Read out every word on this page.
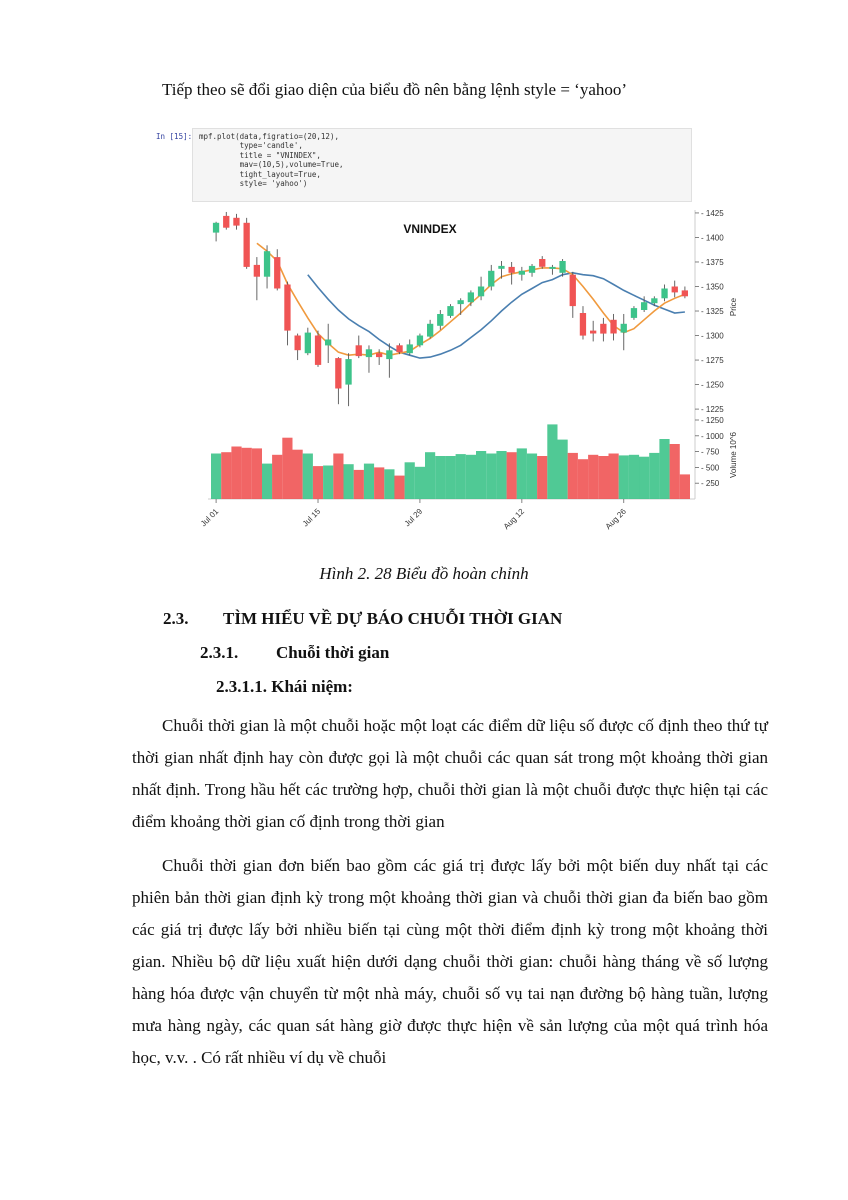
Tiếp theo sẽ đổi giao diện của biểu đồ nên bằng lệnh style = ‘yahoo’
In [15]: mpf.plot(data,figratio=(20,12),
type='candle',
title = "VNINDEX",
mav=(10,5),volume=True,
tight_layout=True,
style= 'yahoo')
VNINDEX
- 1225
- 1250
- 1275
- 1300
- 1325
- 1350
- 1375
- 1400
- 1425
- 250
- 500
- 750
- 1000
- 1250
Jul 01	Jul 15	Jul 29	Aug 12	Aug 26
Price
Volume 10^6
Hình 2. 28 Biểu đồ hoàn chỉnh
2.3. TÌM HIỂU VỀ DỰ BÁO CHUỖI THỜI GIAN
2.3.1. Chuỗi thời gian
2.3.1.1. Khái niệm:

Chuỗi thời gian là một chuỗi hoặc một loạt các điểm dữ liệu số được cố định theo thứ tự thời gian nhất định hay còn được gọi là một chuỗi các quan sát trong một khoảng thời gian nhất định. Trong hầu hết các trường hợp, chuỗi thời gian là một chuỗi được thực hiện tại các điểm khoảng thời gian cố định trong thời gian

Chuỗi thời gian đơn biến bao gồm các giá trị được lấy bởi một biến duy nhất tại các phiên bản thời gian định kỳ trong một khoảng thời gian và chuỗi thời gian đa biến bao gồm các giá trị được lấy bởi nhiều biến tại cùng một thời điểm định kỳ trong một khoảng thời gian. Nhiều bộ dữ liệu xuất hiện dưới dạng chuỗi thời gian: chuỗi hàng tháng về số lượng hàng hóa được vận chuyển từ một nhà máy, chuỗi số vụ tai nạn đường bộ hàng tuần, lượng mưa hàng ngày, các quan sát hàng giờ được thực hiện về sản lượng của một quá trình hóa học, v.v. . Có rất nhiều ví dụ về chuỗi
